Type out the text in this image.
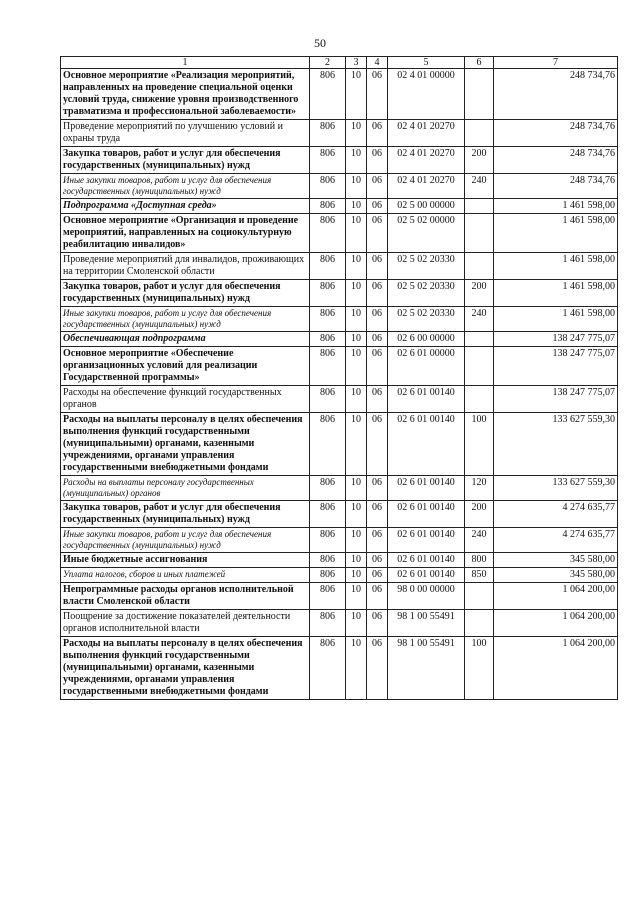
50
1	2	3	4	5	6	7
Основное мероприятие «Реализация мероприятий, направленных на проведение специальной оценки условий труда, снижение уровня производственного травматизма и профессиональной заболеваемости»	806	10	06	02 4 01 00000		248 734,76
Проведение мероприятий по улучшению условий и охраны труда	806	10	06	02 4 01 20270		248 734,76
Закупка товаров, работ и услуг для обеспечения государственных (муниципальных) нужд	806	10	06	02 4 01 20270	200	248 734,76
Иные закупки товаров, работ и услуг для обеспечения государственных (муниципальных) нужд	806	10	06	02 4 01 20270	240	248 734,76
Подпрограмма «Доступная среда»	806	10	06	02 5 00 00000		1 461 598,00
Основное мероприятие «Организация и проведение мероприятий, направленных на социокультурную реабилитацию инвалидов»	806	10	06	02 5 02 00000		1 461 598,00
Проведение мероприятий для инвалидов, проживающих на территории Смоленской области	806	10	06	02 5 02 20330		1 461 598,00
Закупка товаров, работ и услуг для обеспечения государственных (муниципальных) нужд	806	10	06	02 5 02 20330	200	1 461 598,00
Иные закупки товаров, работ и услуг для обеспечения государственных (муниципальных) нужд	806	10	06	02 5 02 20330	240	1 461 598,00
Обеспечивающая подпрограмма	806	10	06	02 6 00 00000		138 247 775,07
Основное мероприятие «Обеспечение организационных условий для реализации Государственной программы»	806	10	06	02 6 01 00000		138 247 775,07
Расходы на обеспечение функций государственных органов	806	10	06	02 6 01 00140		138 247 775,07
Расходы на выплаты персоналу в целях обеспечения выполнения функций государственными (муниципальными) органами, казенными учреждениями, органами управления государственными внебюджетными фондами	806	10	06	02 6 01 00140	100	133 627 559,30
Расходы на выплаты персоналу государственных (муниципальных) органов	806	10	06	02 6 01 00140	120	133 627 559,30
Закупка товаров, работ и услуг для обеспечения государственных (муниципальных) нужд	806	10	06	02 6 01 00140	200	4 274 635,77
Иные закупки товаров, работ и услуг для обеспечения государственных (муниципальных) нужд	806	10	06	02 6 01 00140	240	4 274 635,77
Иные бюджетные ассигнования	806	10	06	02 6 01 00140	800	345 580,00
Уплата налогов, сборов и иных платежей	806	10	06	02 6 01 00140	850	345 580,00
Непрограммные расходы органов исполнительной власти Смоленской области	806	10	06	98 0 00 00000		1 064 200,00
Поощрение за достижение показателей деятельности органов исполнительной власти	806	10	06	98 1 00 55491		1 064 200,00
Расходы на выплаты персоналу в целях обеспечения выполнения функций государственными (муниципальными) органами, казенными учреждениями, органами управления государственными внебюджетными фондами	806	10	06	98 1 00 55491	100	1 064 200,00
